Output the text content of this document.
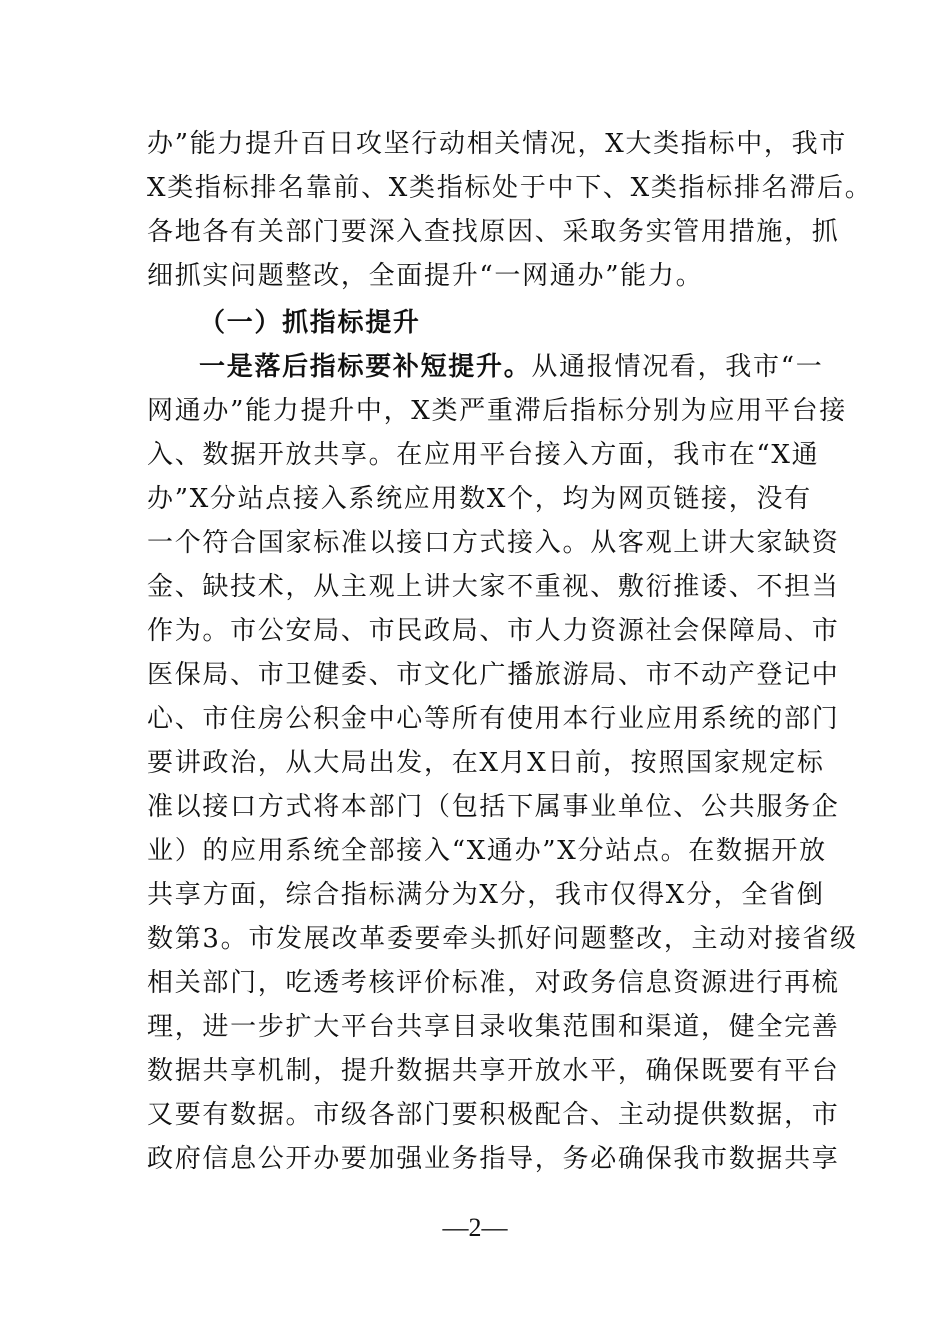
办”能力提升百日攻坚行动相关情况，X大类指标中，我市
X类指标排名靠前、X类指标处于中下、X类指标排名滞后。
各地各有关部门要深入查找原因、采取务实管用措施，抓
细抓实问题整改，全面提升“一网通办”能力。
（一）抓指标提升
一是落后指标要补短提升。从通报情况看，我市“一
网通办”能力提升中，X类严重滞后指标分别为应用平台接
入、数据开放共享。在应用平台接入方面，我市在“X通
办”X分站点接入系统应用数X个，均为网页链接，没有
一个符合国家标准以接口方式接入。从客观上讲大家缺资
金、缺技术，从主观上讲大家不重视、敷衍推诿、不担当
作为。市公安局、市民政局、市人力资源社会保障局、市
医保局、市卫健委、市文化广播旅游局、市不动产登记中
心、市住房公积金中心等所有使用本行业应用系统的部门
要讲政治，从大局出发，在X月X日前，按照国家规定标
准以接口方式将本部门（包括下属事业单位、公共服务企
业）的应用系统全部接入“X通办”X分站点。在数据开放
共享方面，综合指标满分为X分，我市仅得X分，全省倒
数第3。市发展改革委要牵头抓好问题整改，主动对接省级
相关部门，吃透考核评价标准，对政务信息资源进行再梳
理，进一步扩大平台共享目录收集范围和渠道，健全完善
数据共享机制，提升数据共享开放水平，确保既要有平台
又要有数据。市级各部门要积极配合、主动提供数据，市
政府信息公开办要加强业务指导，务必确保我市数据共享
—2—
